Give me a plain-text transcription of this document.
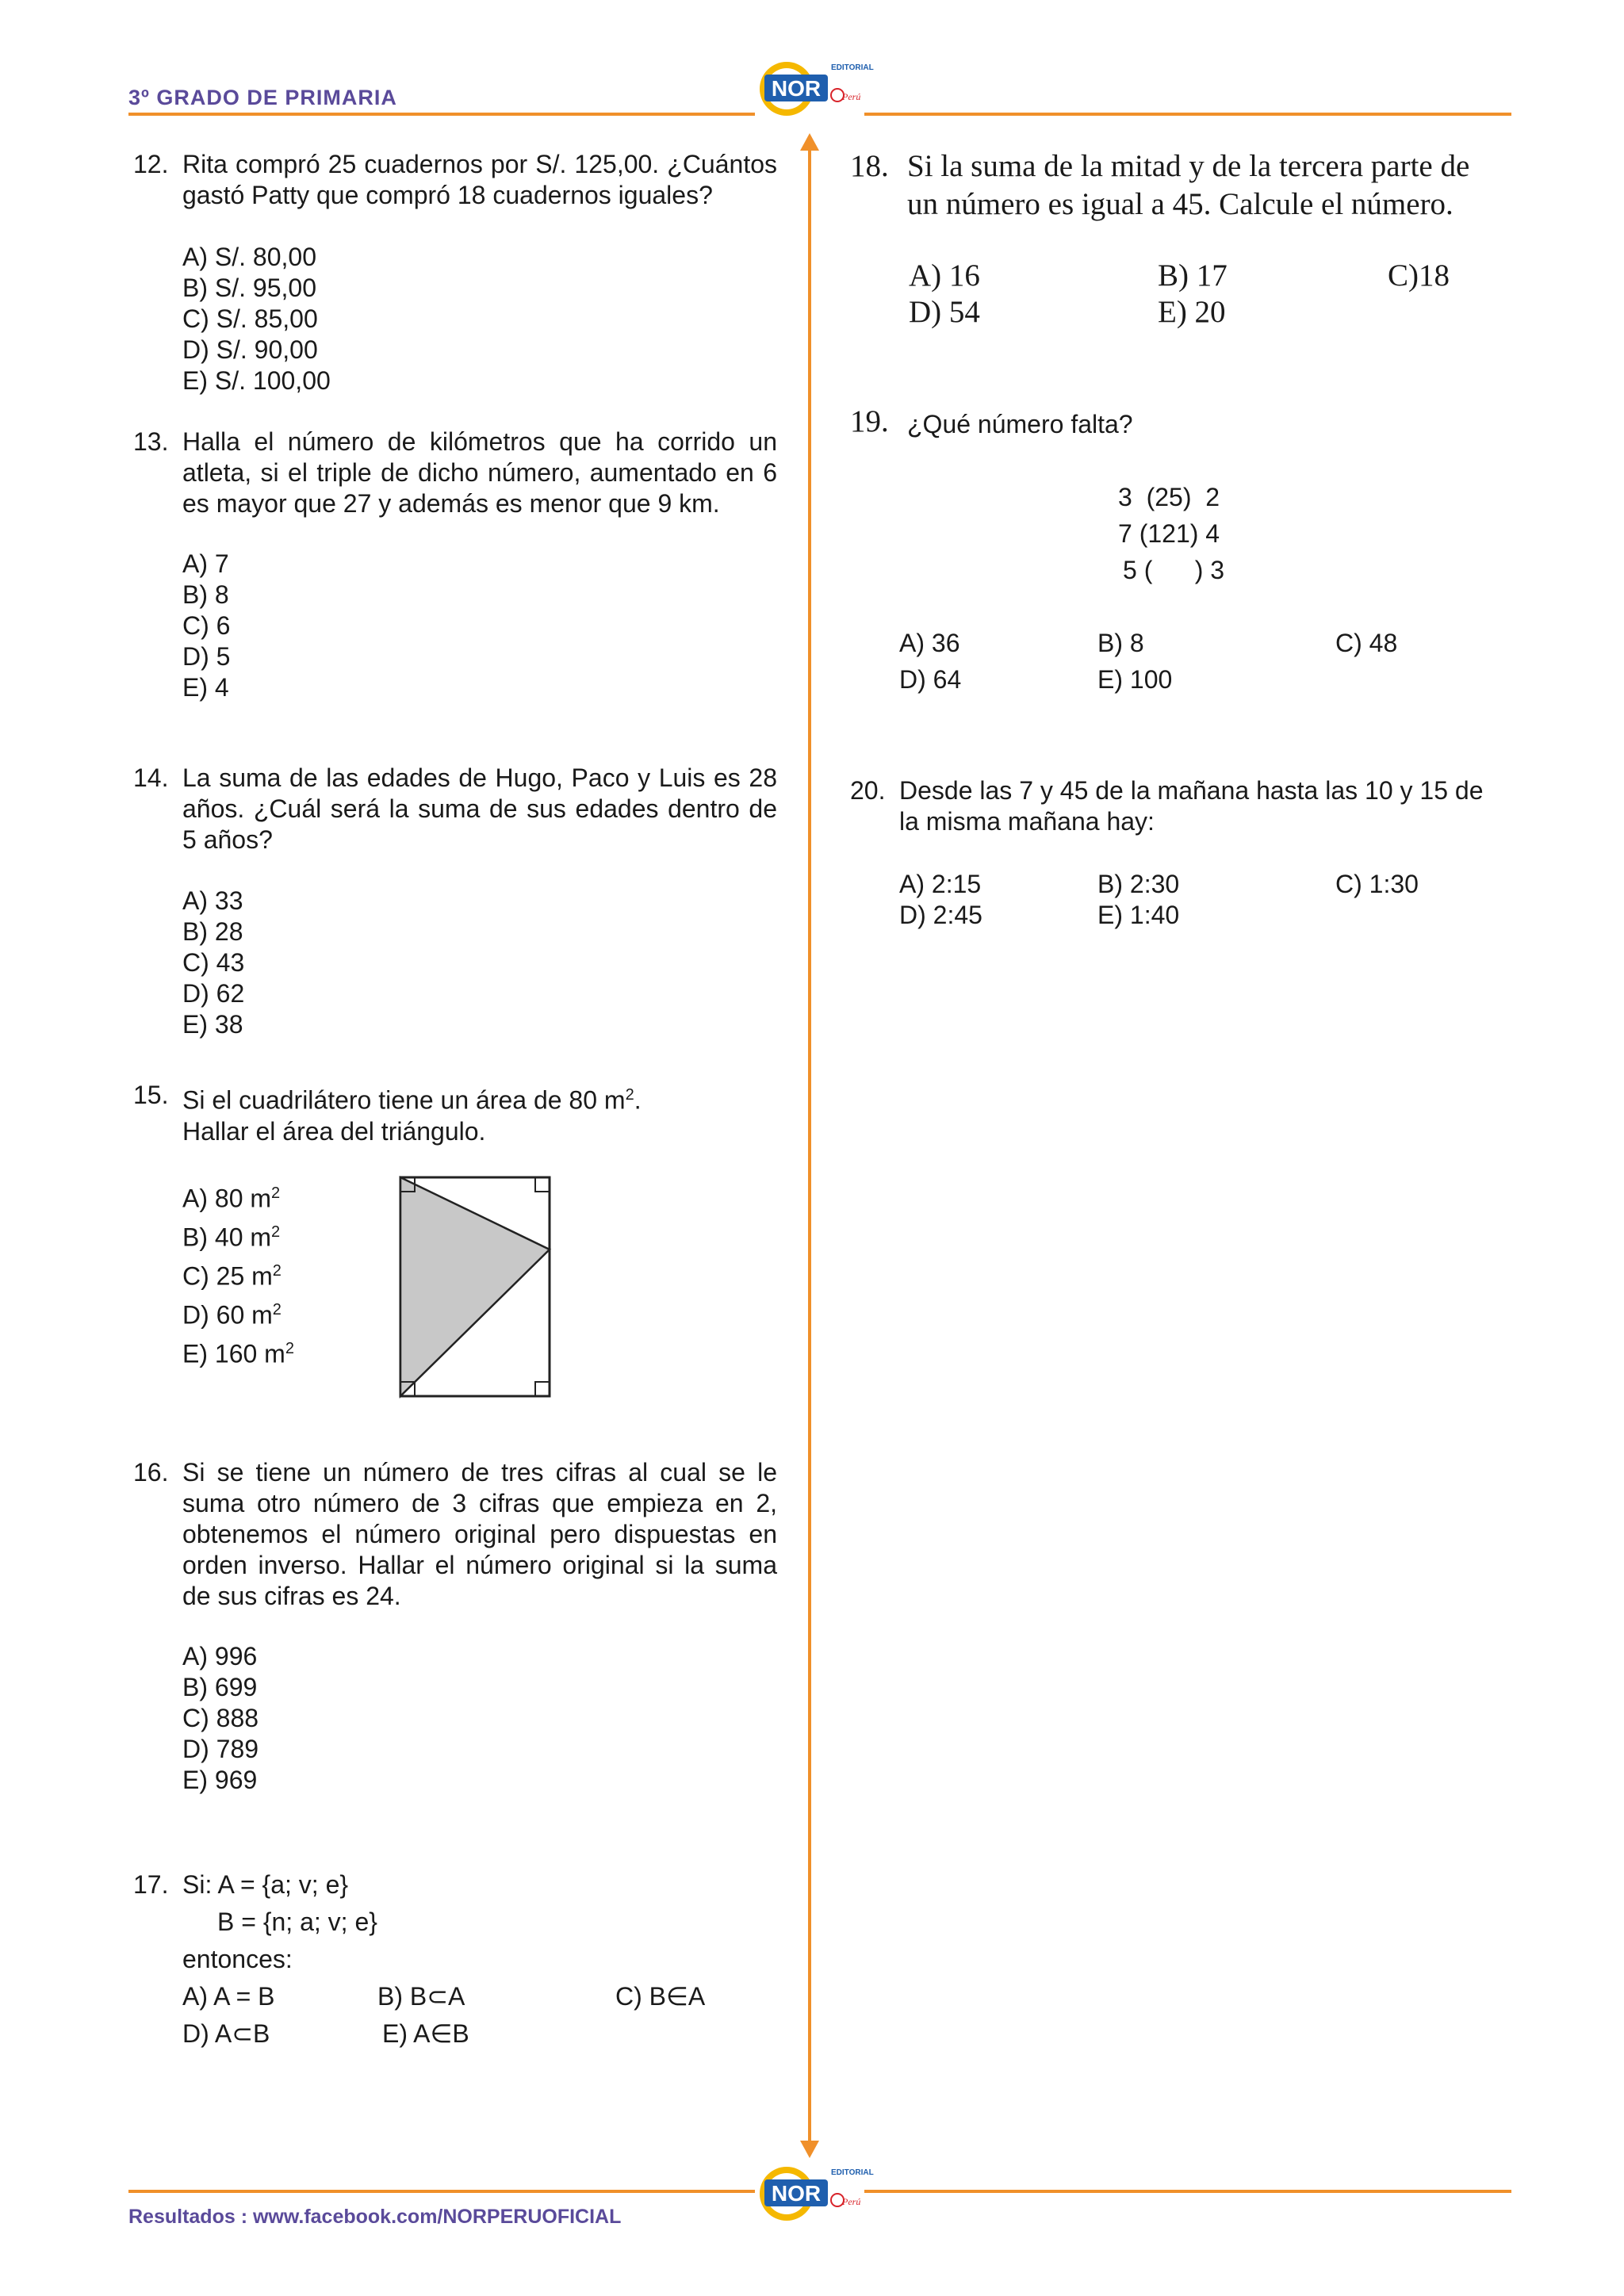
3º GRADO DE PRIMARIA	NOR
EDITORIAL
Perú
12. Rita compró 25 cuadernos por S/. 125,00. ¿Cuántos gastó Patty que compró 18 cuadernos iguales?
A) S/. 80,00
B) S/. 95,00
C) S/. 85,00
D) S/. 90,00
E) S/. 100,00
13. Halla el número de kilómetros que ha corrido un atleta, si el triple de dicho número, aumentado en 6 es mayor que 27 y además es menor que 9 km.
A) 7
B) 8
C) 6
D) 5
E) 4
14. La suma de las edades de Hugo, Paco y Luis es 28 años. ¿Cuál será la suma de sus edades dentro de 5 años?
A) 33
B) 28
C) 43
D) 62
E) 38
15. Si el cuadrilátero tiene un área de 80 $m^2$.
Hallar el área del triángulo.
A) 80 $m^2$
B) 40 $m^2$
C) 25 $m^2$
D) 60 $m^2$
E) 160 $m^2$
16. Si se tiene un número de tres cifras al cual se le suma otro número de 3 cifras que empieza en 2, obtenemos el número original pero dispuestas en orden inverso. Hallar el número original si la suma de sus cifras es 24.
A) 996
B) 699
C) 888
D) 789
E) 969
17. Si: A = {a; v; e}
B = {n; a; v; e}
entonces:
A) A = B	B) B⊂A	C) B∈A
D) A⊂B	E) A∈B
18. Si la suma de la mitad y de la tercera parte de un número es igual a 45. Calcule el número.
A) 16	B) 17	C)18
D) 54	E) 20
19. ¿Qué número falta?
3  (25)  2
7 (121) 4
5 (      ) 3
A) 36	B) 8	C) 48
D) 64	E) 100
20. Desde las 7 y 45 de la mañana hasta las 10 y 15 de la misma mañana hay:
A) 2:15	B) 2:30	C) 1:30
D) 2:45	E) 1:40
NOR
EDITORIAL
Perú
Resultados : www.facebook.com/NORPERUOFICIAL
